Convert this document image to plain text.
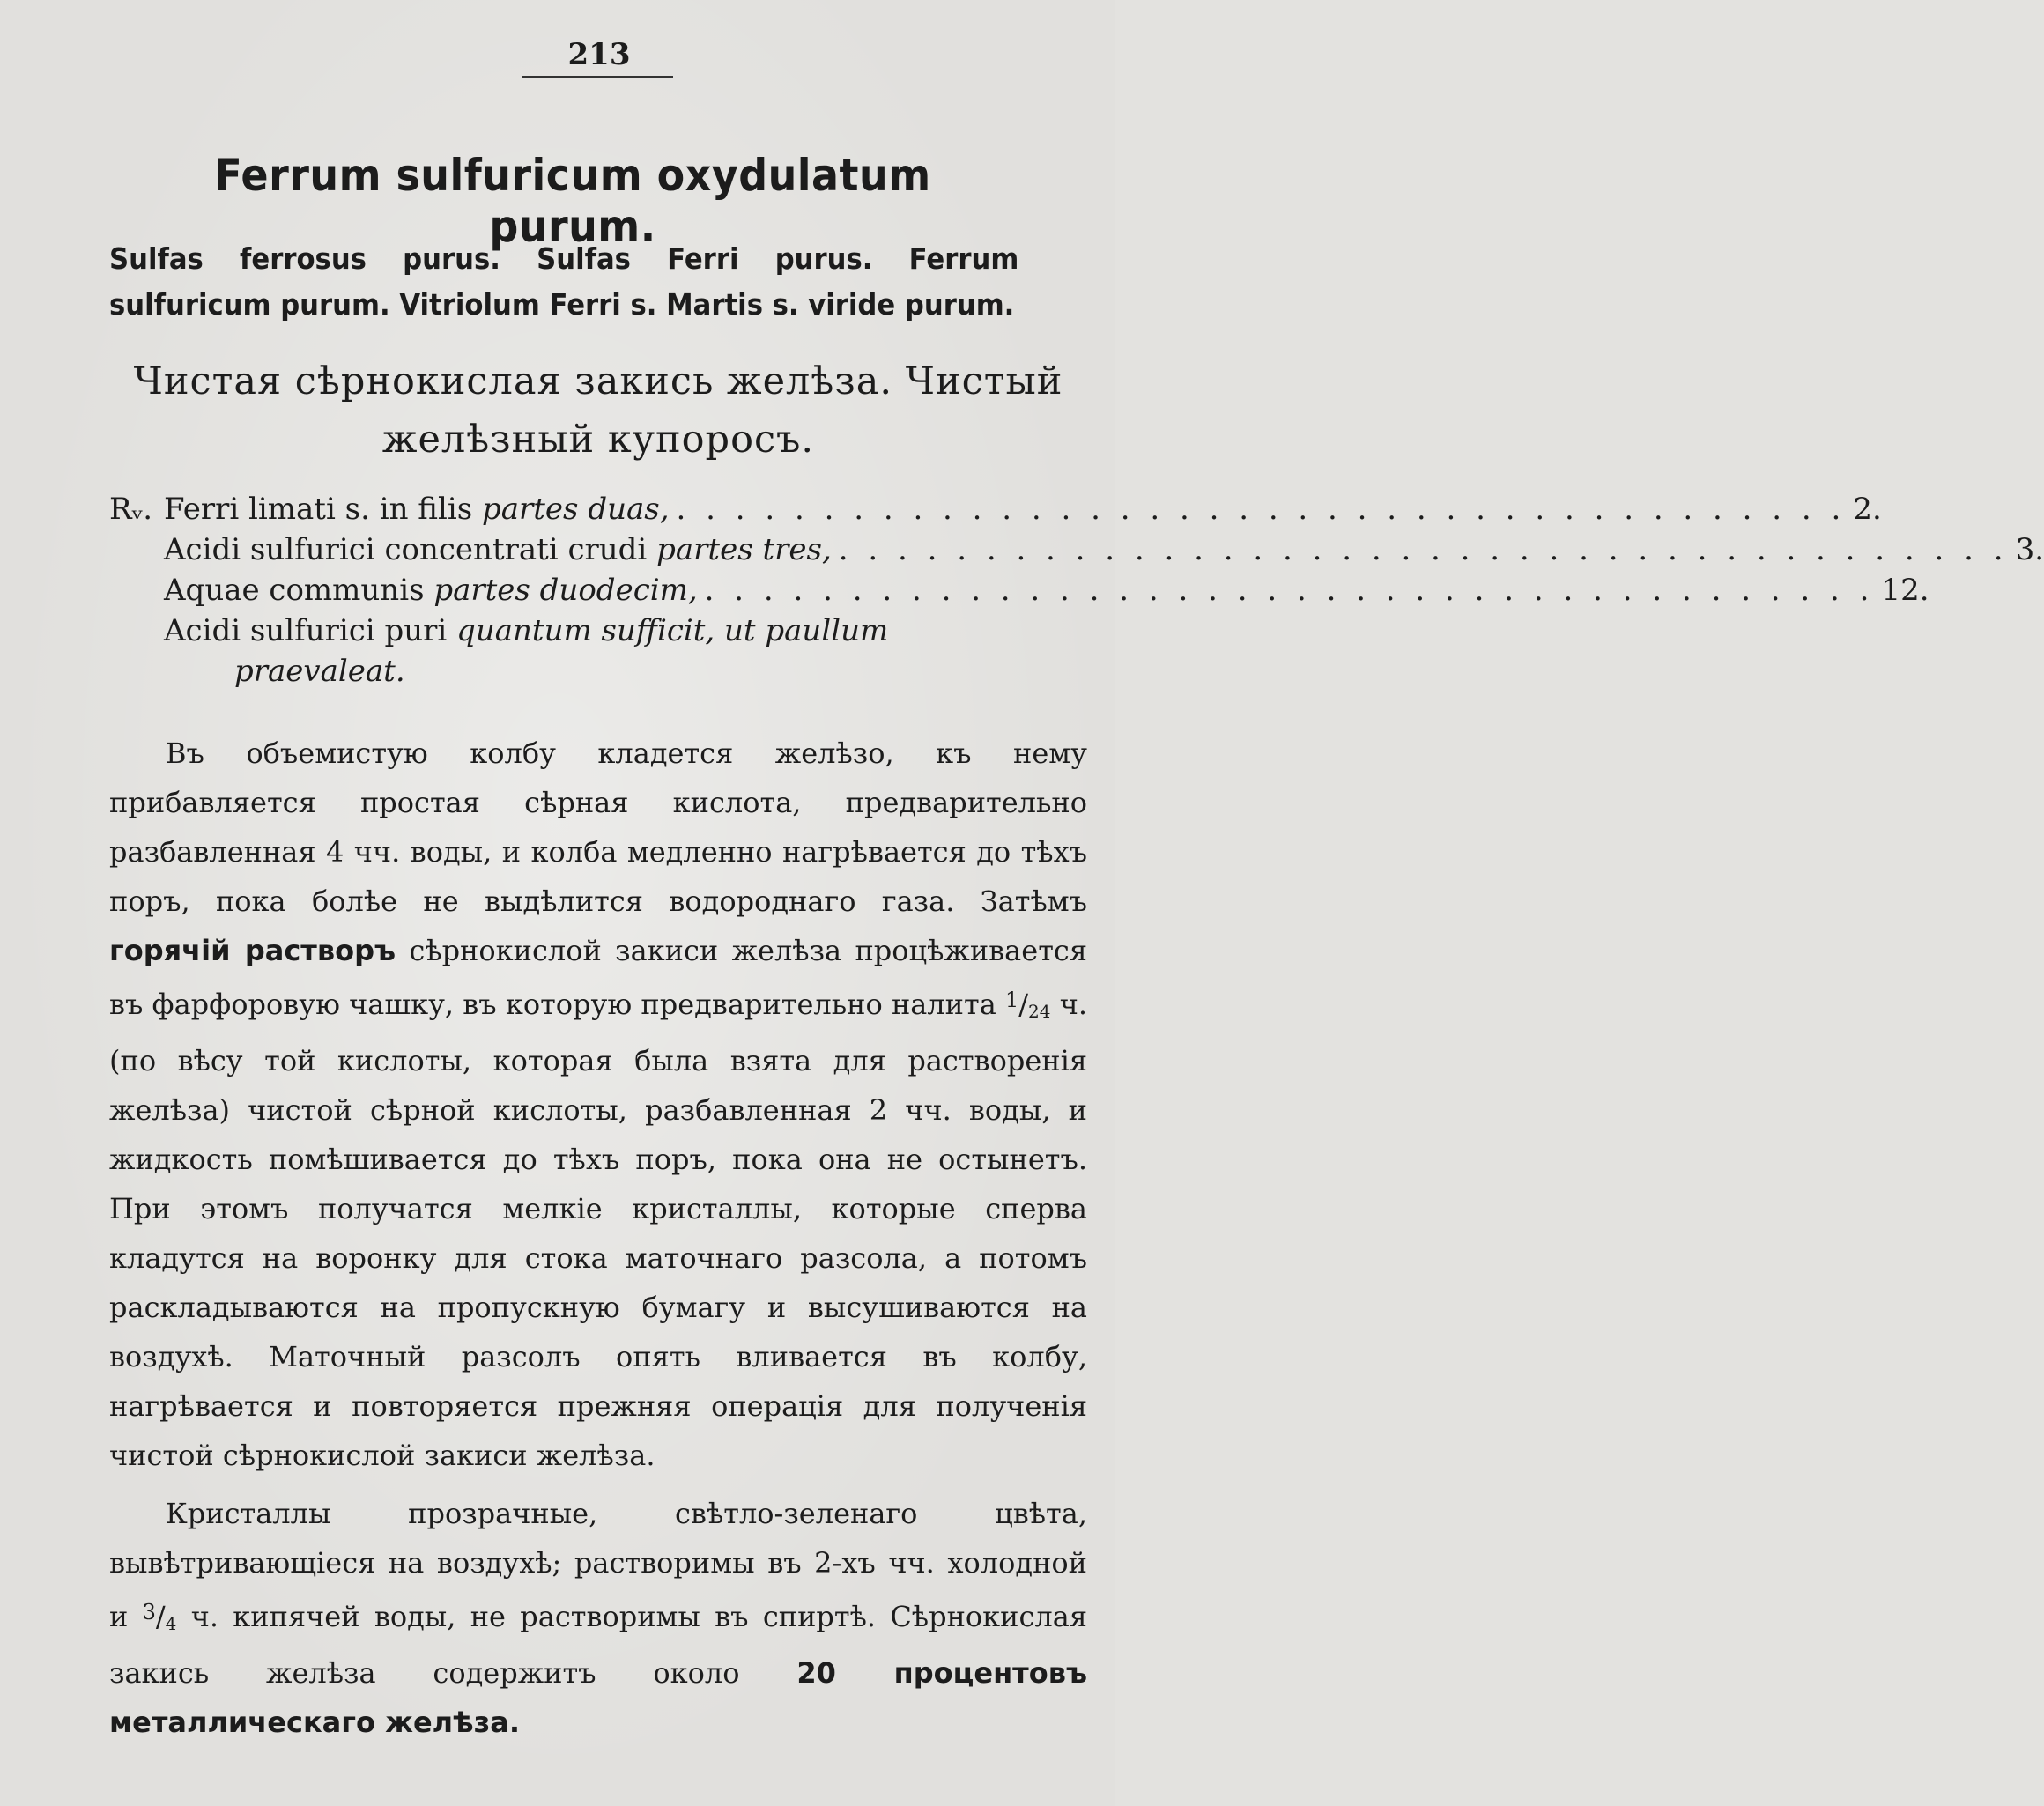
213
Ferrum sulfuricum oxydulatum purum.
Sulfas ferrosus purus. Sulfas Ferri purus. Ferrum sulfuricum purum. Vitriolum Ferri s. Martis s. viride purum.
Чистая сѣрнокислая закись желѣза. Чистый
желѣзный купоросъ.
Rᵥ. Ferri limati s. in filis partes duas, . . . . . . . . . . . . . . . . . . . . . . . . . . . . . . . . . . . . . . . . 2.
Acidi sulfurici concentrati crudi partes tres, . . . . . . . . . . . . . . . . . . . . . . . . . . . . . . . . . . . . . . . . 3.
Aquae communis partes duodecim, . . . . . . . . . . . . . . . . . . . . . . . . . . . . . . . . . . . . . . . . 12.
Acidi sulfurici puri quantum sufficit, ut paullum
praevaleat.

Въ объемистую колбу кладется желѣзо, къ нему прибавляется простая сѣрная кислота, предварительно разбавленная 4 чч. воды, и колба медленно нагрѣвается до тѣхъ поръ, пока болѣе не выдѣлится водороднаго газа. Затѣмъ горячiй растворъ сѣрнокислой закиси желѣза процѣживается въ фарфоровую чашку, въ которую предварительно налита $^1$/24 ч. (по вѣсу той кислоты, которая была взята для растворенiя желѣза) чистой сѣрной кислоты, разбавленная 2 чч. воды, и жидкость помѣшивается до тѣхъ поръ, пока она не остынетъ. При этомъ получатся мелкiе кристаллы, которые сперва кладутся на воронку для стока маточнаго разсола, а потомъ раскладываются на пропускную бумагу и высушиваются на воздухѣ. Маточный разсолъ опять вливается въ колбу, нагрѣвается и повторяется прежняя операцiя для полученiя чистой сѣрнокислой закиси желѣза.

Кристаллы прозрачные, свѣтло-зеленаго цвѣта, вывѣтривающiеся на воздухѣ; растворимы въ 2-хъ чч. холодной и $^3$/4 ч. кипячей воды, не растворимы въ спиртѣ. Сѣрнокислая закись желѣза содержитъ около 20 процентовъ металлическаго желѣза.
